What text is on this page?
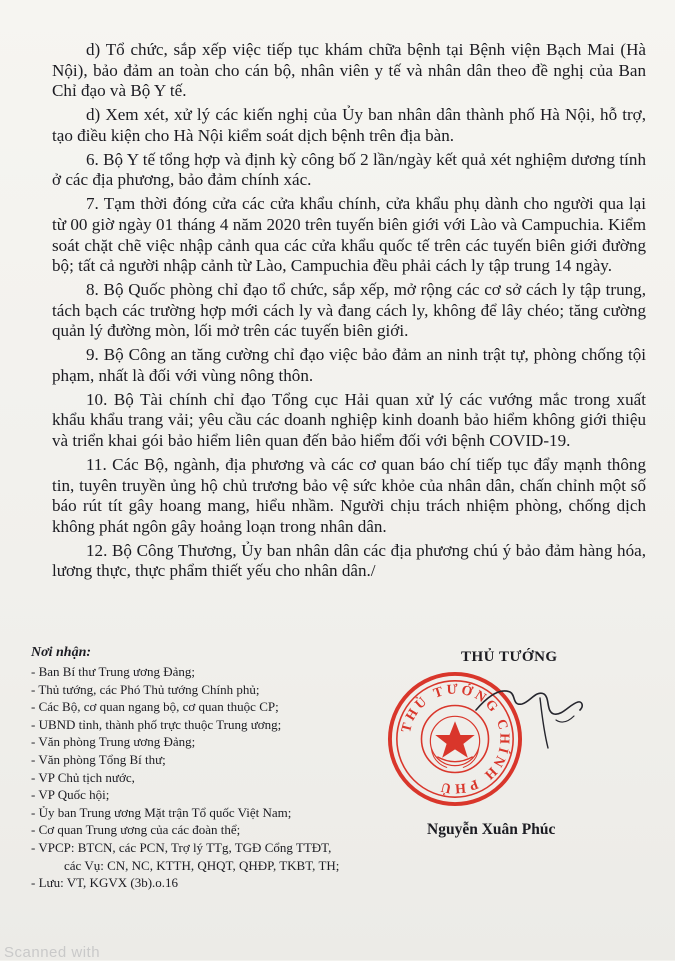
d) Tổ chức, sắp xếp việc tiếp tục khám chữa bệnh tại Bệnh viện Bạch Mai (Hà Nội), bảo đảm an toàn cho cán bộ, nhân viên y tế và nhân dân theo đề nghị của Ban Chỉ đạo và Bộ Y tế.

d) Xem xét, xử lý các kiến nghị của Ủy ban nhân dân thành phố Hà Nội, hỗ trợ, tạo điều kiện cho Hà Nội kiểm soát dịch bệnh trên địa bàn.

6. Bộ Y tế tổng hợp và định kỳ công bố 2 lần/ngày kết quả xét nghiệm dương tính ở các địa phương, bảo đảm chính xác.

7. Tạm thời đóng cửa các cửa khẩu chính, cửa khẩu phụ dành cho người qua lại từ 00 giờ ngày 01 tháng 4 năm 2020 trên tuyến biên giới với Lào và Campuchia. Kiểm soát chặt chẽ việc nhập cảnh qua các cửa khẩu quốc tế trên các tuyến biên giới đường bộ; tất cả người nhập cảnh từ Lào, Campuchia đều phải cách ly tập trung 14 ngày.

8. Bộ Quốc phòng chỉ đạo tổ chức, sắp xếp, mở rộng các cơ sở cách ly tập trung, tách bạch các trường hợp mới cách ly và đang cách ly, không để lây chéo; tăng cường quản lý đường mòn, lối mở trên các tuyến biên giới.

9. Bộ Công an tăng cường chỉ đạo việc bảo đảm an ninh trật tự, phòng chống tội phạm, nhất là đối với vùng nông thôn.

10. Bộ Tài chính chỉ đạo Tổng cục Hải quan xử lý các vướng mắc trong xuất khẩu khẩu trang vải; yêu cầu các doanh nghiệp kinh doanh bảo hiểm không giới thiệu và triển khai gói bảo hiểm liên quan đến bảo hiểm đối với bệnh COVID-19.

11. Các Bộ, ngành, địa phương và các cơ quan báo chí tiếp tục đẩy mạnh thông tin, tuyên truyền ủng hộ chủ trương bảo vệ sức khỏe của nhân dân, chấn chỉnh một số báo rút tít gây hoang mang, hiểu nhầm. Người chịu trách nhiệm phòng, chống dịch không phát ngôn gây hoảng loạn trong nhân dân.

12. Bộ Công Thương, Ủy ban nhân dân các địa phương chú ý bảo đảm hàng hóa, lương thực, thực phẩm thiết yếu cho nhân dân./

Nơi nhận:
- Ban Bí thư Trung ương Đảng;
- Thủ tướng, các Phó Thủ tướng Chính phủ;
- Các Bộ, cơ quan ngang bộ, cơ quan thuộc CP;
- UBND tỉnh, thành phố trực thuộc Trung ương;
- Văn phòng Trung ương Đảng;
- Văn phòng Tổng Bí thư;
- VP Chủ tịch nước,
- VP Quốc hội;
- Ủy ban Trung ương Mặt trận Tổ quốc Việt Nam;
- Cơ quan Trung ương của các đoàn thể;
- VPCP: BTCN, các PCN, Trợ lý TTg, TGĐ Cổng TTĐT,
các Vụ: CN, NC, KTTH, QHQT, QHĐP, TKBT, TH;
- Lưu: VT, KGVX (3b).o.16
THỦ TƯỚNG
THỦ TƯỚNG CHÍNH PHỦ
Nguyễn Xuân Phúc
Scanned with
